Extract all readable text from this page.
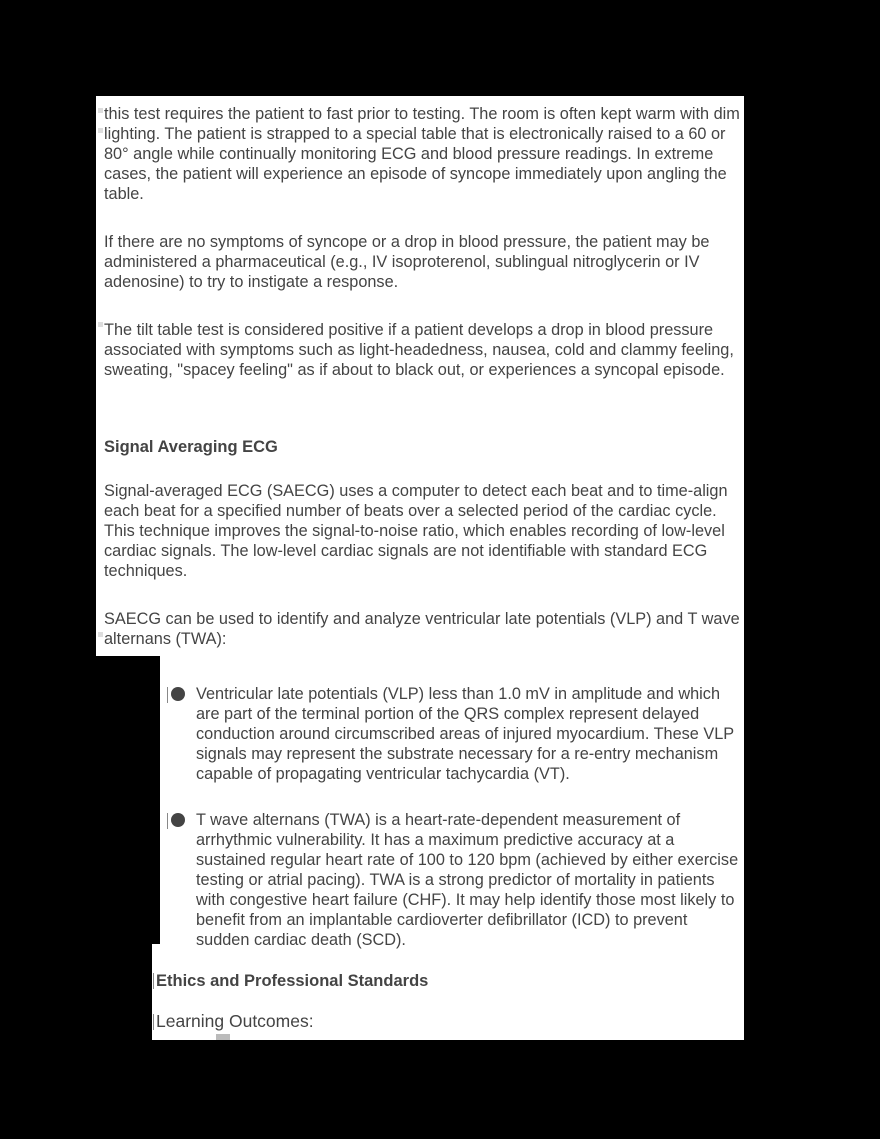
this test requires the patient to fast prior to testing. The room is often kept warm with dim lighting. The patient is strapped to a special table that is electronically raised to a 60 or 80° angle while continually monitoring ECG and blood pressure readings. In extreme cases, the patient will experience an episode of syncope immediately upon angling the table.

If there are no symptoms of syncope or a drop in blood pressure, the patient may be administered a pharmaceutical (e.g., IV isoproterenol, sublingual nitroglycerin or IV adenosine) to try to instigate a response.

The tilt table test is considered positive if a patient develops a drop in blood pressure associated with symptoms such as light-headedness, nausea, cold and clammy feeling, sweating, "spacey feeling" as if about to black out, or experiences a syncopal episode.

Signal Averaging ECG

Signal-averaged ECG (SAECG) uses a computer to detect each beat and to time-align each beat for a specified number of beats over a selected period of the cardiac cycle. This technique improves the signal-to-noise ratio, which enables recording of low-level cardiac signals. The low-level cardiac signals are not identifiable with standard ECG techniques.

SAECG can be used to identify and analyze ventricular late potentials (VLP) and T wave alternans (TWA):

Ventricular late potentials (VLP) less than 1.0 mV in amplitude and which are part of the terminal portion of the QRS complex represent delayed conduction around circumscribed areas of injured myocardium. These VLP signals may represent the substrate necessary for a re-entry mechanism capable of propagating ventricular tachycardia (VT).

T wave alternans (TWA) is a heart-rate-dependent measurement of arrhythmic vulnerability. It has a maximum predictive accuracy at a sustained regular heart rate of 100 to 120 bpm (achieved by either exercise testing or atrial pacing). TWA is a strong predictor of mortality in patients with congestive heart failure (CHF). It may help identify those most likely to benefit from an implantable cardioverter defibrillator (ICD) to prevent sudden cardiac death (SCD).

Ethics and Professional Standards

Learning Outcomes:
